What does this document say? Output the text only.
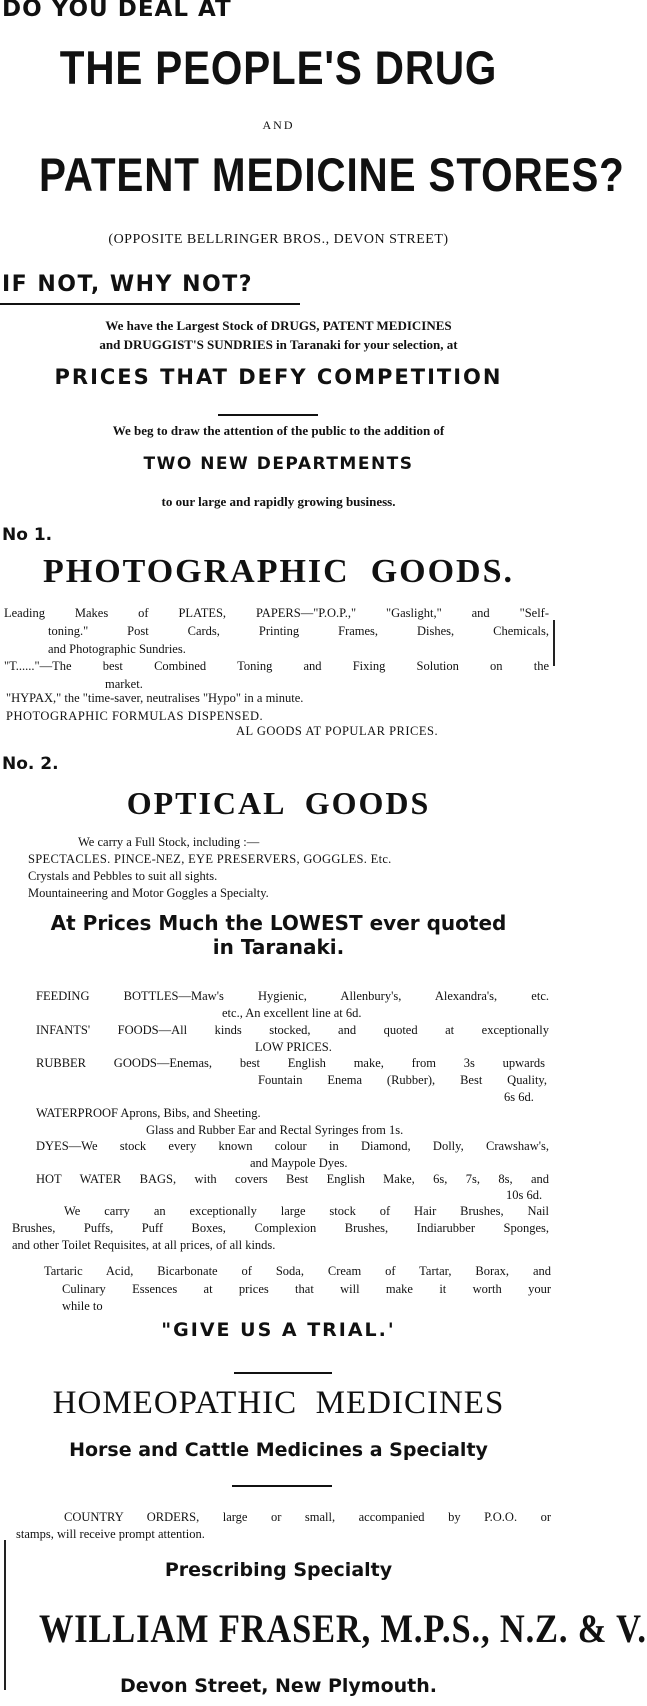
DO YOU DEAL AT
THE PEOPLE'S DRUG
AND
PATENT MEDICINE STORES?
(OPPOSITE BELLRINGER BROS., DEVON STREET)
IF NOT, WHY NOT?
We have the Largest Stock of DRUGS, PATENT MEDICINES
and DRUGGIST'S SUNDRIES in Taranaki for your selection, at
PRICES THAT DEFY COMPETITION
We beg to draw the attention of the public to the addition of
TWO NEW DEPARTMENTS
to our large and rapidly growing business.
No 1.
PHOTOGRAPHIC  GOODS.
Leading Makes of PLATES, PAPERS—"P.O.P.," "Gaslight," and "Self-
toning." Post Cards, Printing Frames, Dishes, Chemicals,
and Photographic Sundries.
"T......"—The best Combined Toning and Fixing Solution on the
market.
"HYPAX," the "time-saver, neutralises "Hypo" in a minute.
PHOTOGRAPHIC FORMULAS DISPENSED.
AL GOODS AT POPULAR PRICES.
No. 2.
OPTICAL  GOODS
We carry a Full Stock, including :—
SPECTACLES. PINCE-NEZ, EYE PRESERVERS, GOGGLES. Etc.
Crystals and Pebbles to suit all sights.
Mountaineering and Motor Goggles a Specialty.
At Prices Much the LOWEST ever quoted
in Taranaki.
FEEDING BOTTLES—Maw's Hygienic, Allenbury's, Alexandra's, etc.
etc., An excellent line at 6d.
INFANTS' FOODS—All kinds stocked, and quoted at exceptionally
LOW PRICES.
RUBBER GOODS—Enemas, best English make, from 3s upwards
Fountain Enema (Rubber), Best Quality,
6s 6d.
WATERPROOF Aprons, Bibs, and Sheeting.
Glass and Rubber Ear and Rectal Syringes from 1s.
DYES—We stock every known colour in Diamond, Dolly, Crawshaw's,
and Maypole Dyes.
HOT WATER BAGS, with covers Best English Make, 6s, 7s, 8s, and
10s 6d.
We carry an exceptionally large stock of Hair Brushes, Nail
Brushes, Puffs, Puff Boxes, Complexion Brushes, Indiarubber Sponges,
and other Toilet Requisites, at all prices, of all kinds.
Tartaric Acid, Bicarbonate of Soda, Cream of Tartar, Borax, and
Culinary Essences at prices that will make it worth your
while to
"GIVE US A TRIAL.'
HOMEOPATHIC  MEDICINES
Horse and Cattle Medicines a Specialty
COUNTRY ORDERS, large or small, accompanied by P.O.O. or
stamps, will receive prompt attention.
Prescribing Specialty
WILLIAM FRASER, M.P.S., N.Z. & V.
Devon Street, New Plymouth.
